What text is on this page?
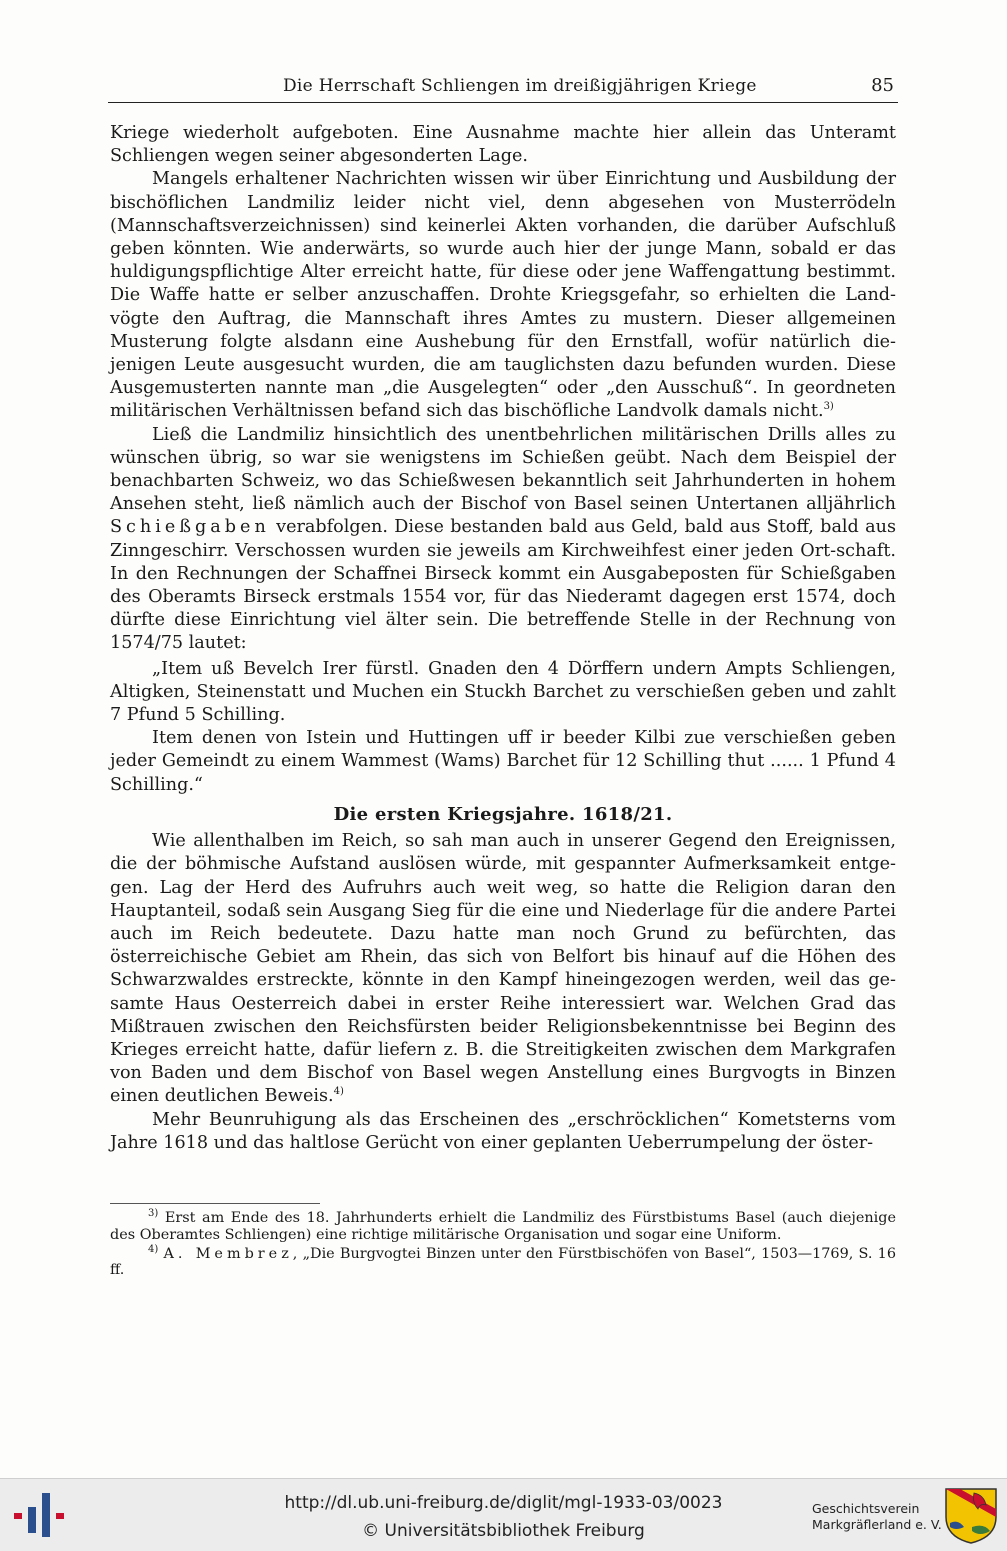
Die Herrschaft Schliengen im dreißigjährigen Kriege	85

Kriege wiederholt aufgeboten. Eine Ausnahme machte hier allein das Unteramt Schliengen wegen seiner abgesonderten Lage.

Mangels erhaltener Nachrichten wissen wir über Einrichtung und Ausbildung der bischöflichen Landmiliz leider nicht viel, denn abgesehen von Musterrödeln (Mannschaftsverzeichnissen) sind keinerlei Akten vorhanden, die darüber Aufschluß geben könnten. Wie anderwärts, so wurde auch hier der junge Mann, sobald er das huldigungspflichtige Alter erreicht hatte, für diese oder jene Waffengattung bestimmt. Die Waffe hatte er selber anzuschaffen. Drohte Kriegsgefahr, so erhielten die Land-vögte den Auftrag, die Mannschaft ihres Amtes zu mustern. Dieser allgemeinen Musterung folgte alsdann eine Aushebung für den Ernstfall, wofür natürlich die-jenigen Leute ausgesucht wurden, die am tauglichsten dazu befunden wurden. Diese Ausgemusterten nannte man „die Ausgelegten“ oder „den Ausschuß“. In geordneten militärischen Verhältnissen befand sich das bischöfliche Landvolk damals nicht.$^{3)}$

Ließ die Landmiliz hinsichtlich des unentbehrlichen militärischen Drills alles zu wünschen übrig, so war sie wenigstens im Schießen geübt. Nach dem Beispiel der benachbarten Schweiz, wo das Schießwesen bekanntlich seit Jahrhunderten in hohem Ansehen steht, ließ nämlich auch der Bischof von Basel seinen Untertanen alljährlich Schießgaben verabfolgen. Diese bestanden bald aus Geld, bald aus Stoff, bald aus Zinngeschirr. Verschossen wurden sie jeweils am Kirchweihfest einer jeden Ort-schaft. In den Rechnungen der Schaffnei Birseck kommt ein Ausgabeposten für Schießgaben des Oberamts Birseck erstmals 1554 vor, für das Niederamt dagegen erst 1574, doch dürfte diese Einrichtung viel älter sein. Die betreffende Stelle in der Rechnung von 1574/75 lautet:

„Item uß Bevelch Irer fürstl. Gnaden den 4 Dörffern undern Ampts Schliengen, Altigken, Steinenstatt und Muchen ein Stuckh Barchet zu verschießen geben und zahlt 7 Pfund 5 Schilling.

Item denen von Istein und Huttingen uff ir beeder Kilbi zue verschießen geben jeder Gemeindt zu einem Wammest (Wams) Barchet für 12 Schilling thut ...... 1 Pfund 4 Schilling.“

Die ersten Kriegsjahre. 1618/21.

Wie allenthalben im Reich, so sah man auch in unserer Gegend den Ereignissen, die der böhmische Aufstand auslösen würde, mit gespannter Aufmerksamkeit entge-gen. Lag der Herd des Aufruhrs auch weit weg, so hatte die Religion daran den Hauptanteil, sodaß sein Ausgang Sieg für die eine und Niederlage für die andere Partei auch im Reich bedeutete. Dazu hatte man noch Grund zu befürchten, das österreichische Gebiet am Rhein, das sich von Belfort bis hinauf auf die Höhen des Schwarzwaldes erstreckte, könnte in den Kampf hineingezogen werden, weil das ge-samte Haus Oesterreich dabei in erster Reihe interessiert war. Welchen Grad das Mißtrauen zwischen den Reichsfürsten beider Religionsbekenntnisse bei Beginn des Krieges erreicht hatte, dafür liefern z. B. die Streitigkeiten zwischen dem Markgrafen von Baden und dem Bischof von Basel wegen Anstellung eines Burgvogts in Binzen einen deutlichen Beweis.$^{4)}$

Mehr Beunruhigung als das Erscheinen des „erschröcklichen“ Kometsterns vom Jahre 1618 und das haltlose Gerücht von einer geplanten Ueberrumpelung der öster-

$^{3)}$ Erst am Ende des 18. Jahrhunderts erhielt die Landmiliz des Fürstbistums Basel (auch diejenige des Oberamtes Schliengen) eine richtige militärische Organisation und sogar eine Uniform.

$^{4)}$ A. Membrez, „Die Burgvogtei Binzen unter den Fürstbischöfen von Basel“, 1503—1769, S. 16 ff.

http://dl.ub.uni-freiburg.de/diglit/mgl-1933-03/0023
© Universitätsbibliothek Freiburg
Geschichtsverein
Markgräflerland e. V.
